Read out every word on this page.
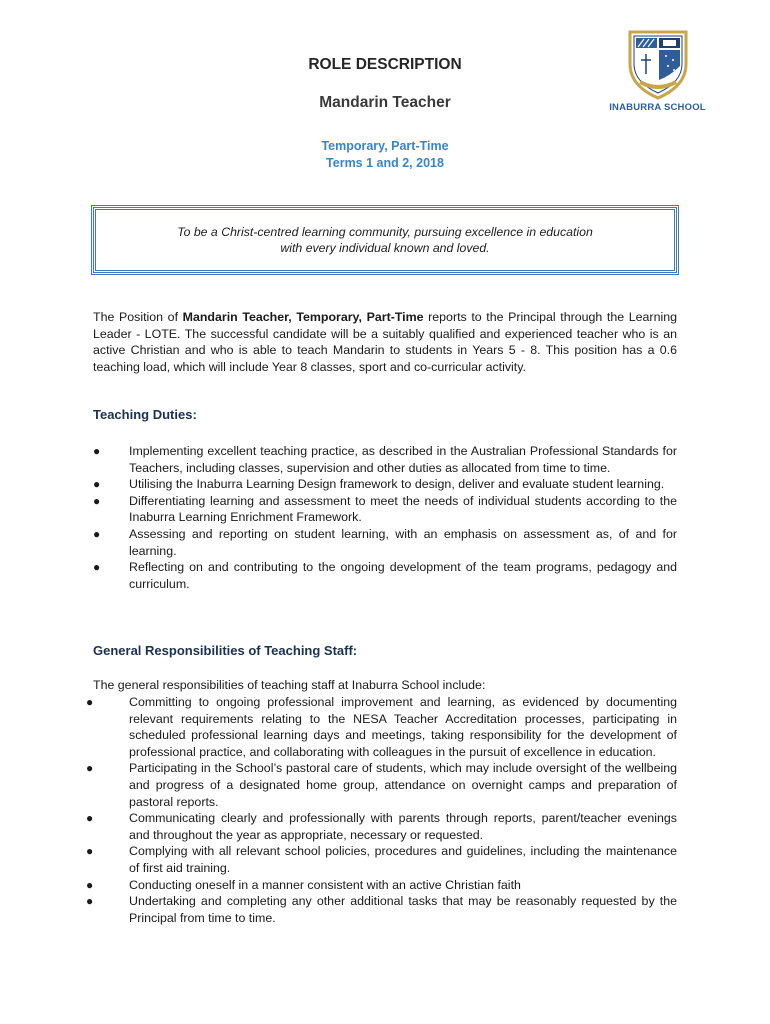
INABURRA SCHOOL
ROLE DESCRIPTION
Mandarin Teacher
Temporary, Part-Time
Terms 1 and 2, 2018
To be a Christ-centred learning community, pursuing excellence in education
with every individual known and loved.

The Position of Mandarin Teacher, Temporary, Part-Time reports to the Principal through the Learning Leader - LOTE. The successful candidate will be a suitably qualified and experienced teacher who is an active Christian and who is able to teach Mandarin to students in Years 5 - 8. This position has a 0.6 teaching load, which will include Year 8 classes, sport and co-curricular activity.

Teaching Duties:
● Implementing excellent teaching practice, as described in the Australian Professional Standards for Teachers, including classes, supervision and other duties as allocated from time to time.
● Utilising the Inaburra Learning Design framework to design, deliver and evaluate student learning.
● Differentiating learning and assessment to meet the needs of individual students according to the Inaburra Learning Enrichment Framework.
● Assessing and reporting on student learning, with an emphasis on assessment as, of and for learning.
● Reflecting on and contributing to the ongoing development of the team programs, pedagogy and curriculum.
General Responsibilities of Teaching Staff:
The general responsibilities of teaching staff at Inaburra School include:
●	Committing to ongoing professional improvement and learning, as evidenced by documenting relevant requirements relating to the NESA Teacher Accreditation processes, participating in scheduled professional learning days and meetings, taking responsibility for the development of professional practice, and collaborating with colleagues in the pursuit of excellence in education.
●	Participating in the School’s pastoral care of students, which may include oversight of the wellbeing and progress of a designated home group, attendance on overnight camps and preparation of pastoral reports.
●	Communicating clearly and professionally with parents through reports, parent/teacher evenings and throughout the year as appropriate, necessary or requested.
●	Complying with all relevant school policies, procedures and guidelines, including the maintenance of first aid training.
●	Conducting oneself in a manner consistent with an active Christian faith
●	Undertaking and completing any other additional tasks that may be reasonably requested by the Principal from time to time.
